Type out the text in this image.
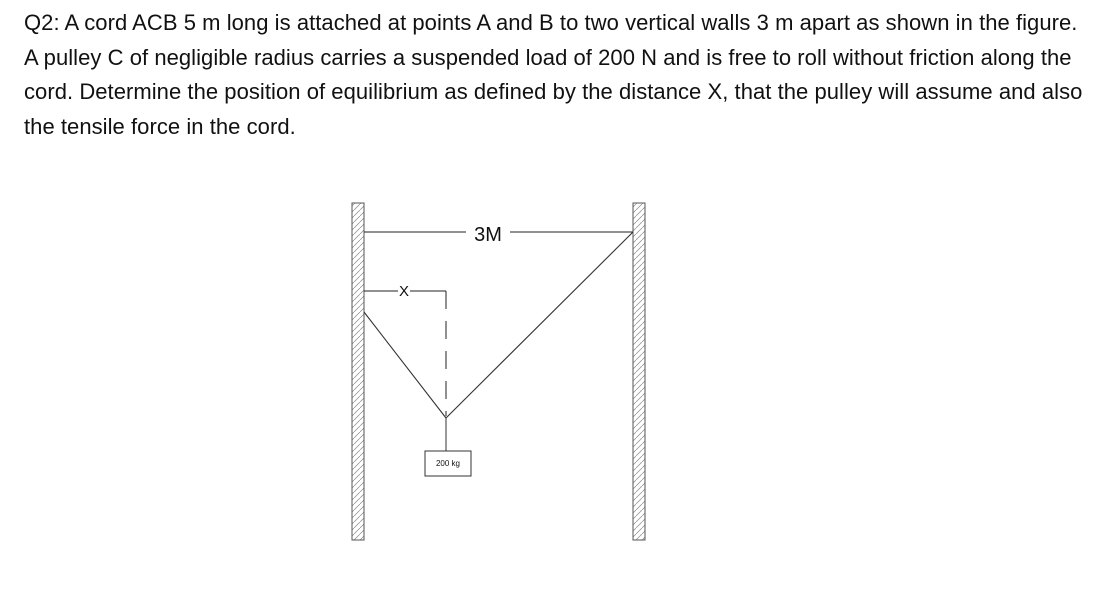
Q2: A cord ACB 5 m long is attached at points A and B to two vertical walls 3 m apart as shown in the figure. A pulley C of negligible radius carries a suspended load of 200 N and is free to roll without friction along the cord. Determine the position of equilibrium as defined by the distance X, that the pulley will assume and also the tensile force in the cord.

3M
X
200 kg
